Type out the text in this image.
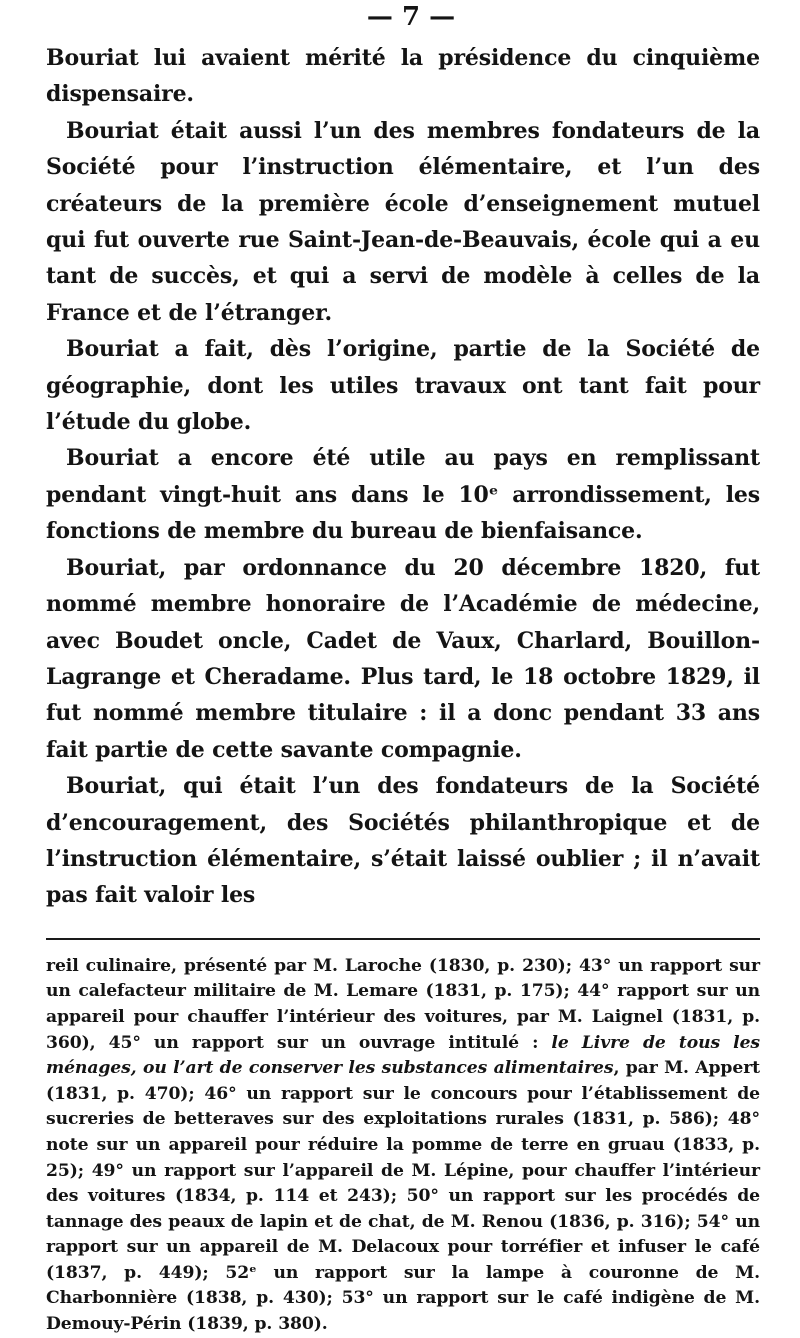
— 7 —

Bouriat lui avaient mérité la présidence du cinquième dispensaire.

Bouriat était aussi l’un des membres fondateurs de la Société pour l’instruction élémentaire, et l’un des créateurs de la première école d’enseignement mutuel qui fut ouverte rue Saint-Jean-de-Beauvais, école qui a eu tant de succès, et qui a servi de modèle à celles de la France et de l’étranger.

Bouriat a fait, dès l’origine, partie de la Société de géographie, dont les utiles travaux ont tant fait pour l’étude du globe.

Bouriat a encore été utile au pays en remplissant pendant vingt-huit ans dans le 10ᵉ arrondissement, les fonctions de membre du bureau de bienfaisance.

Bouriat, par ordonnance du 20 décembre 1820, fut nommé membre honoraire de l’Académie de médecine, avec Boudet oncle, Cadet de Vaux, Charlard, Bouillon-Lagrange et Cheradame. Plus tard, le 18 octobre 1829, il fut nommé membre titulaire : il a donc pendant 33 ans fait partie de cette savante compagnie.

Bouriat, qui était l’un des fondateurs de la Société d’encouragement, des Sociétés philanthropique et de l’instruction élémentaire, s’était laissé oublier ; il n’avait pas fait valoir les

reil culinaire, présenté par M. Laroche (1830, p. 230); 43° un rapport sur un calefacteur militaire de M. Lemare (1831, p. 175); 44° rapport sur un appareil pour chauffer l’intérieur des voitures, par M. Laignel (1831, p. 360), 45° un rapport sur un ouvrage intitulé : le Livre de tous les ménages, ou l’art de conserver les substances alimentaires, par M. Appert (1831, p. 470); 46° un rapport sur le concours pour l’établissement de sucreries de betteraves sur des exploitations rurales (1831, p. 586); 48° note sur un appareil pour réduire la pomme de terre en gruau (1833, p. 25); 49° un rapport sur l’appareil de M. Lépine, pour chauffer l’intérieur des voitures (1834, p. 114 et 243); 50° un rapport sur les procédés de tannage des peaux de lapin et de chat, de M. Renou (1836, p. 316); 54° un rapport sur un appareil de M. Delacoux pour torréfier et infuser le café (1837, p. 449); 52ᵉ un rapport sur la lampe à couronne de M. Charbonnière (1838, p. 430); 53° un rapport sur le café indigène de M. Demouy-Périn (1839, p. 380).
